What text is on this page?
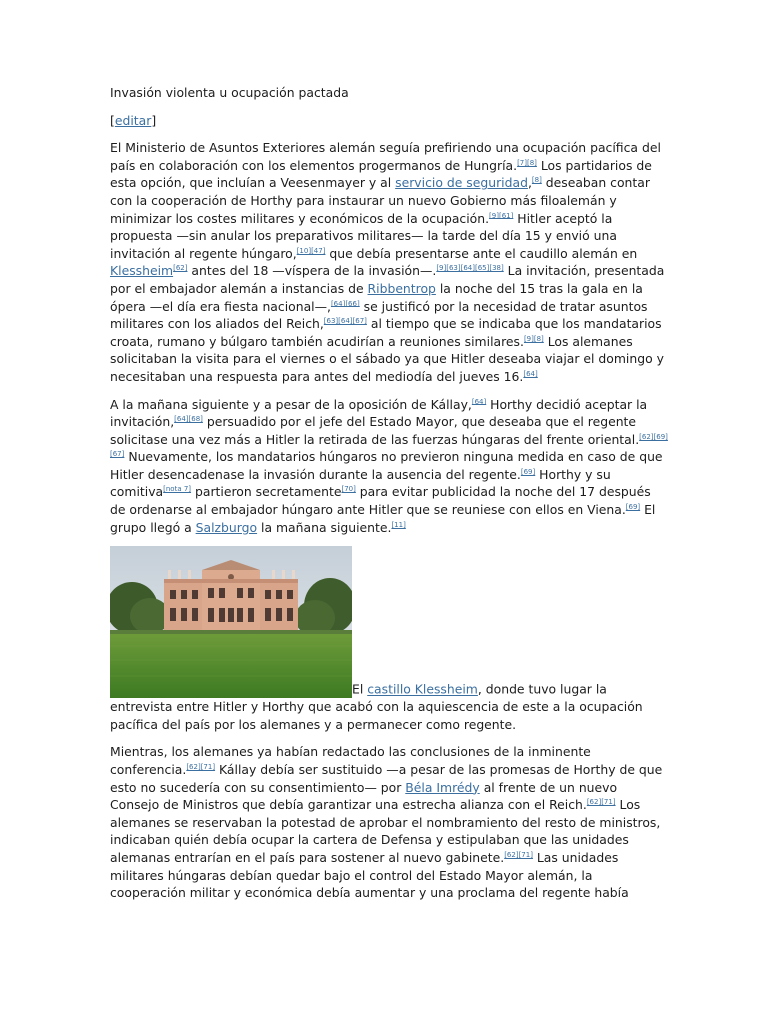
Invasión violenta u ocupación pactada

[editar]

El Ministerio de Asuntos Exteriores alemán seguía prefiriendo una ocupación pacífica del país en colaboración con los elementos progermanos de Hungría.[7][8] Los partidarios de esta opción, que incluían a Veesenmayer y al servicio de seguridad,[8] deseaban contar con la cooperación de Horthy para instaurar un nuevo Gobierno más filoalemán y minimizar los costes militares y económicos de la ocupación.[9][61] Hitler aceptó la propuesta —sin anular los preparativos militares— la tarde del día 15 y envió una invitación al regente húngaro,[10][47] que debía presentarse ante el caudillo alemán en Klessheim[62] antes del 18 —víspera de la invasión—.[9][63][64][65][38] La invitación, presentada por el embajador alemán a instancias de Ribbentrop la noche del 15 tras la gala en la ópera —el día era fiesta nacional—,[64][66] se justificó por la necesidad de tratar asuntos militares con los aliados del Reich,[63][64][67] al tiempo que se indicaba que los mandatarios croata, rumano y búlgaro también acudirían a reuniones similares.[9][8] Los alemanes solicitaban la visita para el viernes o el sábado ya que Hitler deseaba viajar el domingo y necesitaban una respuesta para antes del mediodía del jueves 16.[64]

A la mañana siguiente y a pesar de la oposición de Kállay,[64] Horthy decidió aceptar la invitación,[64][68] persuadido por el jefe del Estado Mayor, que deseaba que el regente solicitase una vez más a Hitler la retirada de las fuerzas húngaras del frente oriental.[62][69][67] Nuevamente, los mandatarios húngaros no previeron ninguna medida en caso de que Hitler desencadenase la invasión durante la ausencia del regente.[69] Horthy y su comitiva[nota 7] partieron secretamente[70] para evitar publicidad la noche del 17 después de ordenarse al embajador húngaro ante Hitler que se reuniese con ellos en Viena.[69] El grupo llegó a Salzburgo la mañana siguiente.[11]

El castillo Klessheim, donde tuvo lugar la entrevista entre Hitler y Horthy que acabó con la aquiescencia de este a la ocupación pacífica del país por los alemanes y a permanecer como regente.

Mientras, los alemanes ya habían redactado las conclusiones de la inminente conferencia.[62][71] Kállay debía ser sustituido —a pesar de las promesas de Horthy de que esto no sucedería con su consentimiento— por Béla Imrédy al frente de un nuevo Consejo de Ministros que debía garantizar una estrecha alianza con el Reich.[62][71] Los alemanes se reservaban la potestad de aprobar el nombramiento del resto de ministros, indicaban quién debía ocupar la cartera de Defensa y estipulaban que las unidades alemanas entrarían en el país para sostener al nuevo gabinete.[62][71] Las unidades militares húngaras debían quedar bajo el control del Estado Mayor alemán, la cooperación militar y económica debía aumentar y una proclama del regente había
